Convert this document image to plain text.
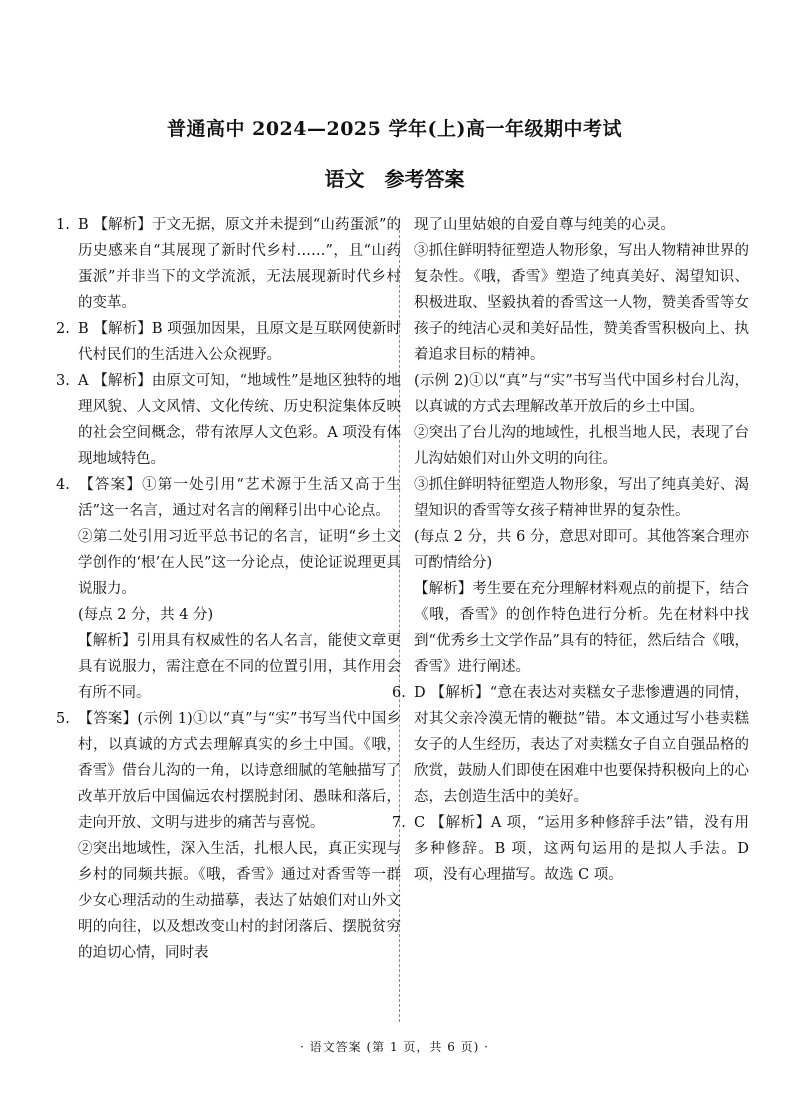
普通高中 2024—2025 学年(上)高一年级期中考试
语文　参考答案

1. B 【解析】于文无据，原文并未提到“山药蛋派”的历史感来自“其展现了新时代乡村……”，且“山药蛋派”并非当下的文学流派，无法展现新时代乡村的变革。

2. B 【解析】B 项强加因果，且原文是互联网使新时代村民们的生活进入公众视野。

3. A 【解析】由原文可知，“地域性”是地区独特的地理风貌、人文风情、文化传统、历史积淀集体反映的社会空间概念，带有浓厚人文色彩。A 项没有体现地域特色。

4. 【答案】①第一处引用“艺术源于生活又高于生活”这一名言，通过对名言的阐释引出中心论点。

②第二处引用习近平总书记的名言，证明“乡土文学创作的‘根’在人民”这一分论点，使论证说理更具说服力。

(每点 2 分，共 4 分)

【解析】引用具有权威性的名人名言，能使文章更具有说服力，需注意在不同的位置引用，其作用会有所不同。

5. 【答案】(示例 1)①以“真”与“实”书写当代中国乡村，以真诚的方式去理解真实的乡土中国。《哦，香雪》借台儿沟的一角，以诗意细腻的笔触描写了改革开放后中国偏远农村摆脱封闭、愚昧和落后，走向开放、文明与进步的痛苦与喜悦。

②突出地域性，深入生活，扎根人民，真正实现与乡村的同频共振。《哦，香雪》通过对香雪等一群少女心理活动的生动描摹，表达了姑娘们对山外文明的向往，以及想改变山村的封闭落后、摆脱贫穷的迫切心情，同时表

现了山里姑娘的自爱自尊与纯美的心灵。

③抓住鲜明特征塑造人物形象，写出人物精神世界的复杂性。《哦，香雪》塑造了纯真美好、渴望知识、积极进取、坚毅执着的香雪这一人物，赞美香雪等女孩子的纯洁心灵和美好品性，赞美香雪积极向上、执着追求目标的精神。

(示例 2)①以“真”与“实”书写当代中国乡村台儿沟，以真诚的方式去理解改革开放后的乡土中国。

②突出了台儿沟的地域性，扎根当地人民，表现了台儿沟姑娘们对山外文明的向往。

③抓住鲜明特征塑造人物形象，写出了纯真美好、渴望知识的香雪等女孩子精神世界的复杂性。

(每点 2 分，共 6 分，意思对即可。其他答案合理亦可酌情给分)

【解析】考生要在充分理解材料观点的前提下，结合《哦，香雪》的创作特色进行分析。先在材料中找到“优秀乡土文学作品”具有的特征，然后结合《哦，香雪》进行阐述。

6. D 【解析】“意在表达对卖糕女子悲惨遭遇的同情，对其父亲冷漠无情的鞭挞”错。本文通过写小巷卖糕女子的人生经历，表达了对卖糕女子自立自强品格的欣赏，鼓励人们即使在困难中也要保持积极向上的心态，去创造生活中的美好。

7. C 【解析】A 项，“运用多种修辞手法”错，没有用多种修辞。B 项，这两句运用的是拟人手法。D 项，没有心理描写。故选 C 项。

· 语文答案 (第 1 页，共 6 页) ·
